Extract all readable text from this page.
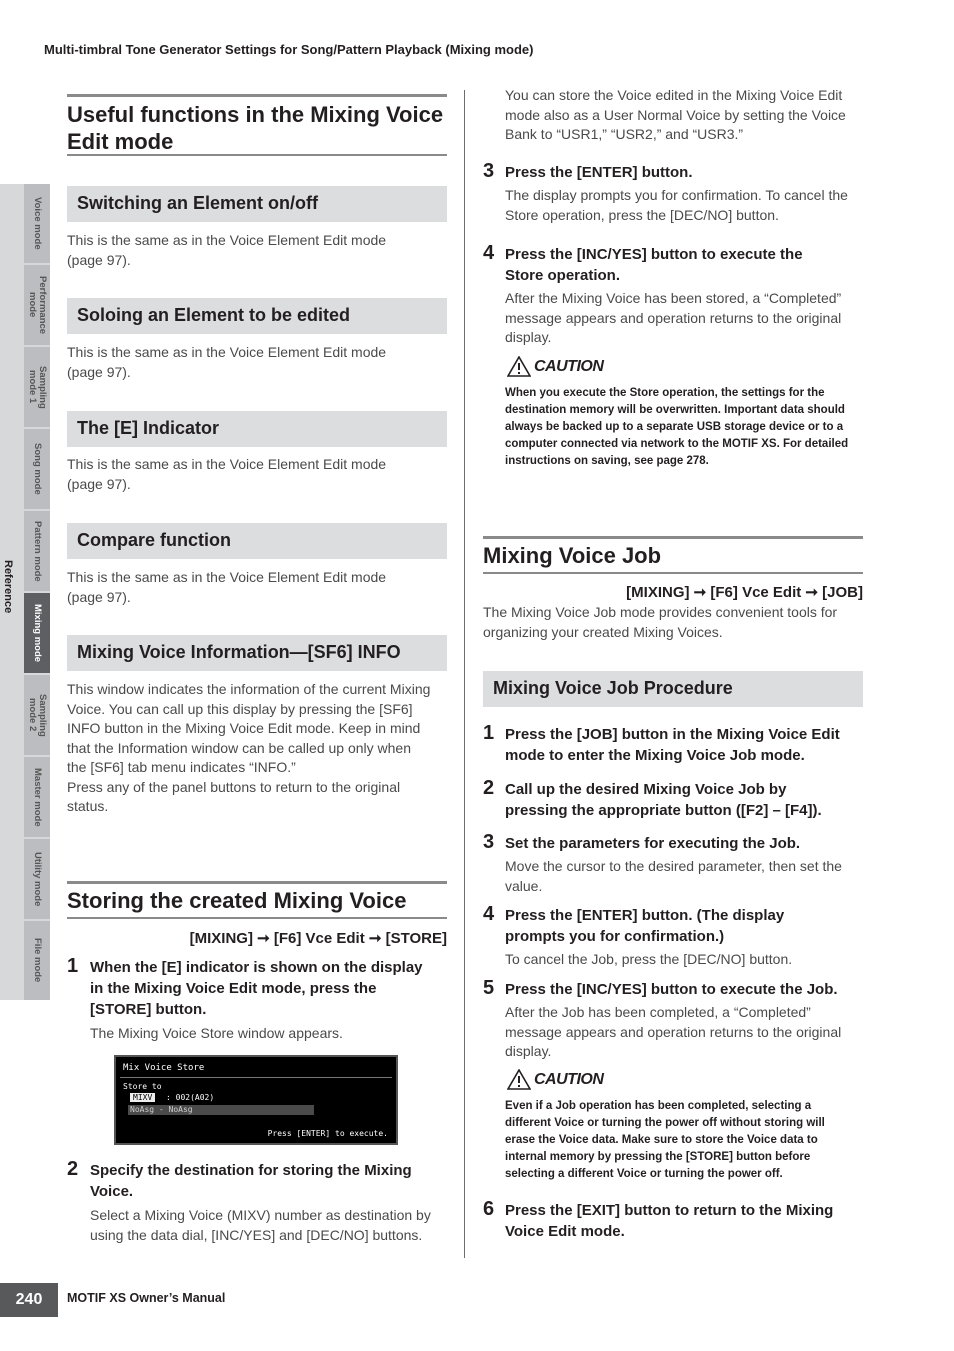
Multi-timbral Tone Generator Settings for Song/Pattern Playback (Mixing mode)
Reference
Voice mode
Performance
mode
Sampling
mode 1
Song mode
Pattern mode
Mixing mode
Sampling
mode 2
Master mode
Utility mode
File mode
Useful functions in the Mixing Voice
Edit mode
Switching an Element on/off
This is the same as in the Voice Element Edit mode
(page 97).
Soloing an Element to be edited
This is the same as in the Voice Element Edit mode
(page 97).
The [E] Indicator
This is the same as in the Voice Element Edit mode
(page 97).
Compare function
This is the same as in the Voice Element Edit mode
(page 97).
Mixing Voice Information—[SF6] INFO
This window indicates the information of the current Mixing
Voice. You can call up this display by pressing the [SF6]
INFO button in the Mixing Voice Edit mode. Keep in mind
that the Information window can be called up only when
the [SF6] tab menu indicates “INFO.”
Press any of the panel buttons to return to the original
status.
Storing the created Mixing Voice
[MIXING] ➞ [F6] Vce Edit ➞ [STORE]
1 When the [E] indicator is shown on the display
in the Mixing Voice Edit mode, press the
[STORE] button.
The Mixing Voice Store window appears.
Mix Voice Store
Store to
MIXV	: 002(A02)
NoAsg - NoAsg
Press [ENTER] to execute.
2 Specify the destination for storing the Mixing
Voice.
Select a Mixing Voice (MIXV) number as destination by
using the data dial, [INC/YES] and [DEC/NO] buttons.
You can store the Voice edited in the Mixing Voice Edit
mode also as a User Normal Voice by setting the Voice
Bank to “USR1,” “USR2,” and “USR3.”
3 Press the [ENTER] button.
The display prompts you for confirmation. To cancel the
Store operation, press the [DEC/NO] button.
4 Press the [INC/YES] button to execute the
Store operation.
After the Mixing Voice has been stored, a “Completed”
message appears and operation returns to the original
display.
CAUTION
When you execute the Store operation, the settings for the
destination memory will be overwritten. Important data should
always be backed up to a separate USB storage device or to a
computer connected via network to the MOTIF XS. For detailed
instructions on saving, see page 278.
Mixing Voice Job
[MIXING] ➞ [F6] Vce Edit ➞ [JOB]
The Mixing Voice Job mode provides convenient tools for
organizing your created Mixing Voices.
Mixing Voice Job Procedure
1 Press the [JOB] button in the Mixing Voice Edit
mode to enter the Mixing Voice Job mode.
2 Call up the desired Mixing Voice Job by
pressing the appropriate button ([F2] – [F4]).
3 Set the parameters for executing the Job.
Move the cursor to the desired parameter, then set the
value.
4 Press the [ENTER] button. (The display
prompts you for confirmation.)
To cancel the Job, press the [DEC/NO] button.
5 Press the [INC/YES] button to execute the Job.
After the Job has been completed, a “Completed”
message appears and operation returns to the original
display.
CAUTION
Even if a Job operation has been completed, selecting a
different Voice or turning the power off without storing will
erase the Voice data. Make sure to store the Voice data to
internal memory by pressing the [STORE] button before
selecting a different Voice or turning the power off.
6 Press the [EXIT] button to return to the Mixing
Voice Edit mode.
240	MOTIF XS Owner’s Manual
